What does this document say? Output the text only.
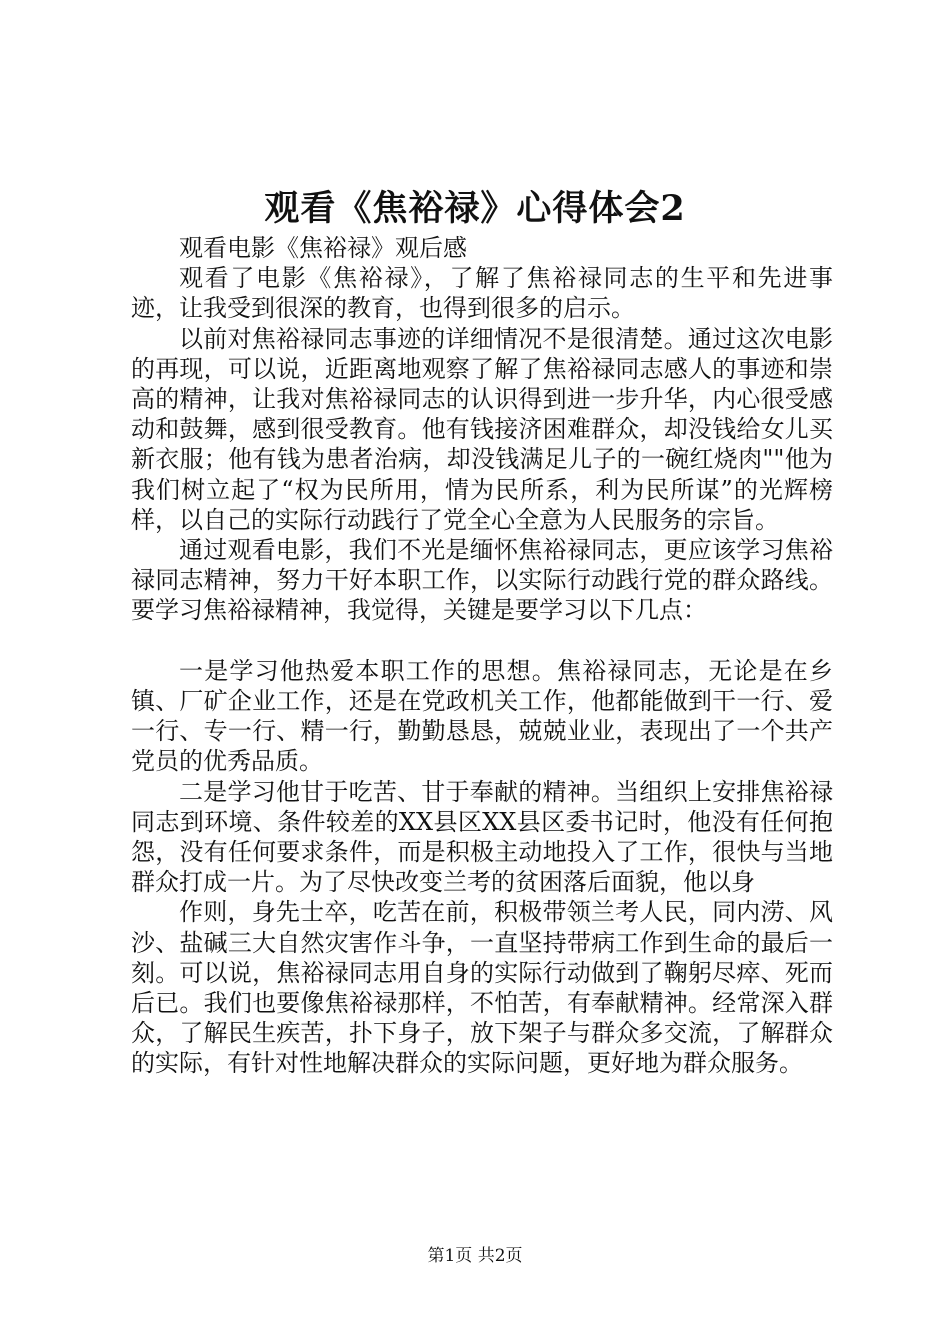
观看《焦裕禄》心得体会2

观看电影《焦裕禄》观后感

观看了电影《焦裕禄》，了解了焦裕禄同志的生平和先进事迹，让我受到很深的教育，也得到很多的启示。

以前对焦裕禄同志事迹的详细情况不是很清楚。通过这次电影的再现，可以说，近距离地观察了解了焦裕禄同志感人的事迹和崇高的精神，让我对焦裕禄同志的认识得到进一步升华，内心很受感动和鼓舞，感到很受教育。他有钱接济困难群众，却没钱给女儿买新衣服；他有钱为患者治病，却没钱满足儿子的一碗红烧肉""他为我们树立起了“权为民所用，情为民所系，利为民所谋”的光辉榜样，以自己的实际行动践行了党全心全意为人民服务的宗旨。

通过观看电影，我们不光是缅怀焦裕禄同志，更应该学习焦裕禄同志精神，努力干好本职工作，以实际行动践行党的群众路线。要学习焦裕禄精神，我觉得，关键是要学习以下几点：

一是学习他热爱本职工作的思想。焦裕禄同志，无论是在乡镇、厂矿企业工作，还是在党政机关工作，他都能做到干一行、爱一行、专一行、精一行，勤勤恳恳，兢兢业业，表现出了一个共产党员的优秀品质。

二是学习他甘于吃苦、甘于奉献的精神。当组织上安排焦裕禄同志到环境、条件较差的XX县区XX县区委书记时，他没有任何抱怨，没有任何要求条件，而是积极主动地投入了工作，很快与当地群众打成一片。为了尽快改变兰考的贫困落后面貌，他以身

作则，身先士卒，吃苦在前，积极带领兰考人民，同内涝、风沙、盐碱三大自然灾害作斗争，一直坚持带病工作到生命的最后一刻。可以说，焦裕禄同志用自身的实际行动做到了鞠躬尽瘁、死而后已。我们也要像焦裕禄那样，不怕苦，有奉献精神。经常深入群众，了解民生疾苦，扑下身子，放下架子与群众多交流，了解群众的实际，有针对性地解决群众的实际问题，更好地为群众服务。

第1页 共2页
